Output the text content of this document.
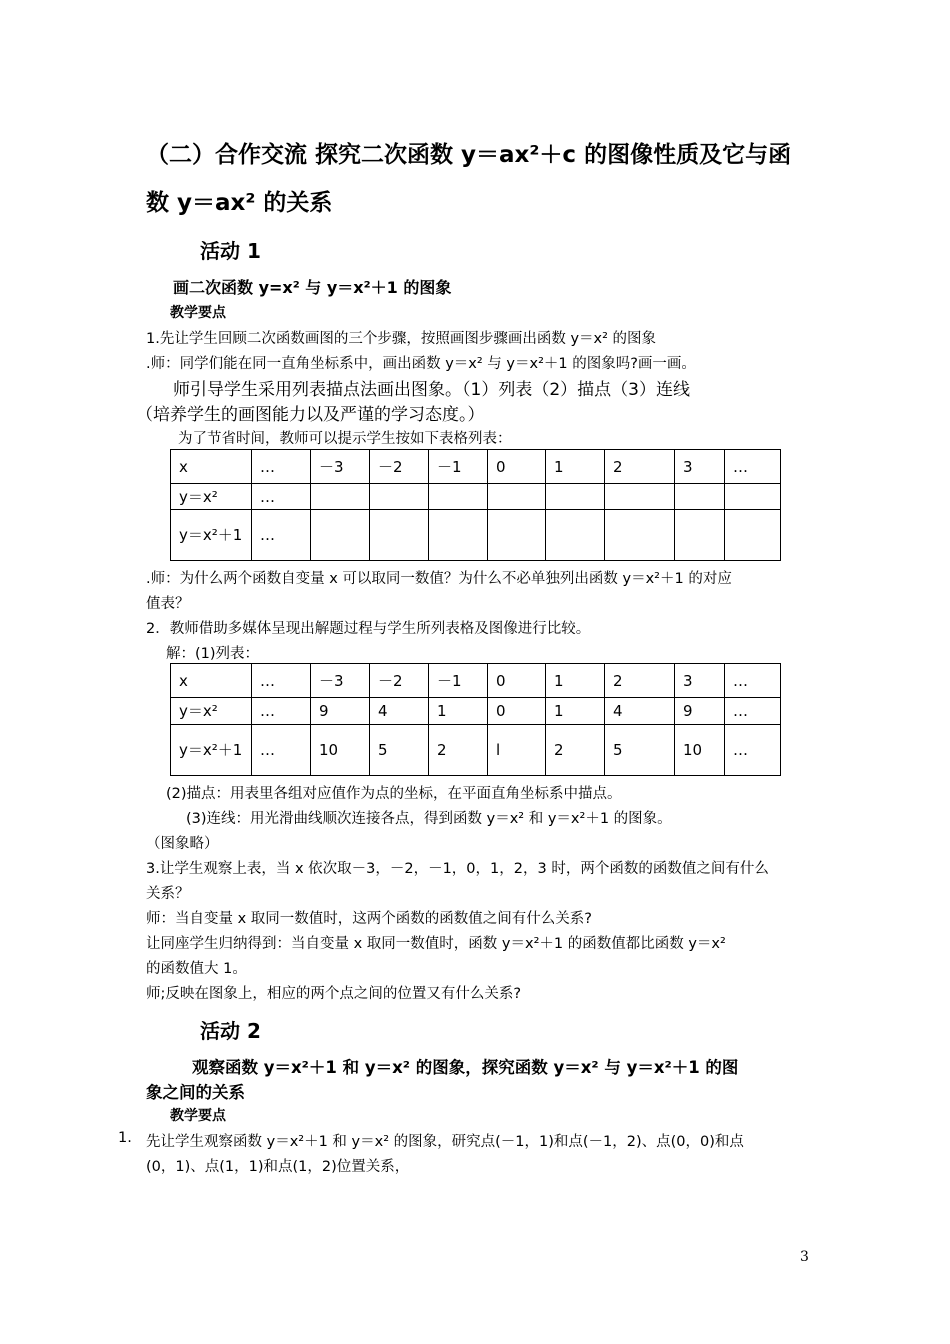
（二）合作交流 探究二次函数 y＝ax²＋c 的图像性质及它与函
数 y＝ax² 的关系
活动 1
画二次函数 y=x² 与 y＝x²＋1 的图象
教学要点
1.先让学生回顾二次函数画图的三个步骤，按照画图步骤画出函数 y＝x² 的图象
.师：同学们能在同一直角坐标系中，画出函数 y＝x² 与 y＝x²＋1 的图象吗?画一画。
师引导学生采用列表描点法画出图象。（1）列表（2）描点（3）连线
（培养学生的画图能力以及严谨的学习态度。）
为了节省时间，教师可以提示学生按如下表格列表：
x	…	－3	－2	－1	0	1	2	3	…
y＝x²	…								
y＝x²＋1	…								
.师：为什么两个函数自变量 x 可以取同一数值？为什么不必单独列出函数 y＝x²＋1 的对应
值表？
2．教师借助多媒体呈现出解题过程与学生所列表格及图像进行比较。
解：(1)列表：
x	…	－3	－2	－1	0	1	2	3	…
y＝x²	…	9	4	1	0	1	4	9	…
y＝x²＋1	…	10	5	2	l	2	5	10	…
(2)描点：用表里各组对应值作为点的坐标，在平面直角坐标系中描点。
(3)连线：用光滑曲线顺次连接各点，得到函数 y＝x² 和 y＝x²＋1 的图象。
（图象略）
3.让学生观察上表，当 x 依次取－3，－2，－1，0，1，2，3 时，两个函数的函数值之间有什么
关系？
师：当自变量 x 取同一数值时，这两个函数的函数值之间有什么关系?
让同座学生归纳得到：当自变量 x 取同一数值时，函数 y＝x²＋1 的函数值都比函数 y＝x²
的函数值大 1。
师;反映在图象上，相应的两个点之间的位置又有什么关系?
活动 2
观察函数 y＝x²＋1 和 y＝x² 的图象，探究函数 y＝x² 与 y＝x²＋1 的图
象之间的关系
教学要点
1. 先让学生观察函数 y＝x²＋1 和 y＝x² 的图象，研究点(－1，1)和点(－1，2)、点(0，0)和点
(0，1)、点(1，1)和点(1，2)位置关系，
3
